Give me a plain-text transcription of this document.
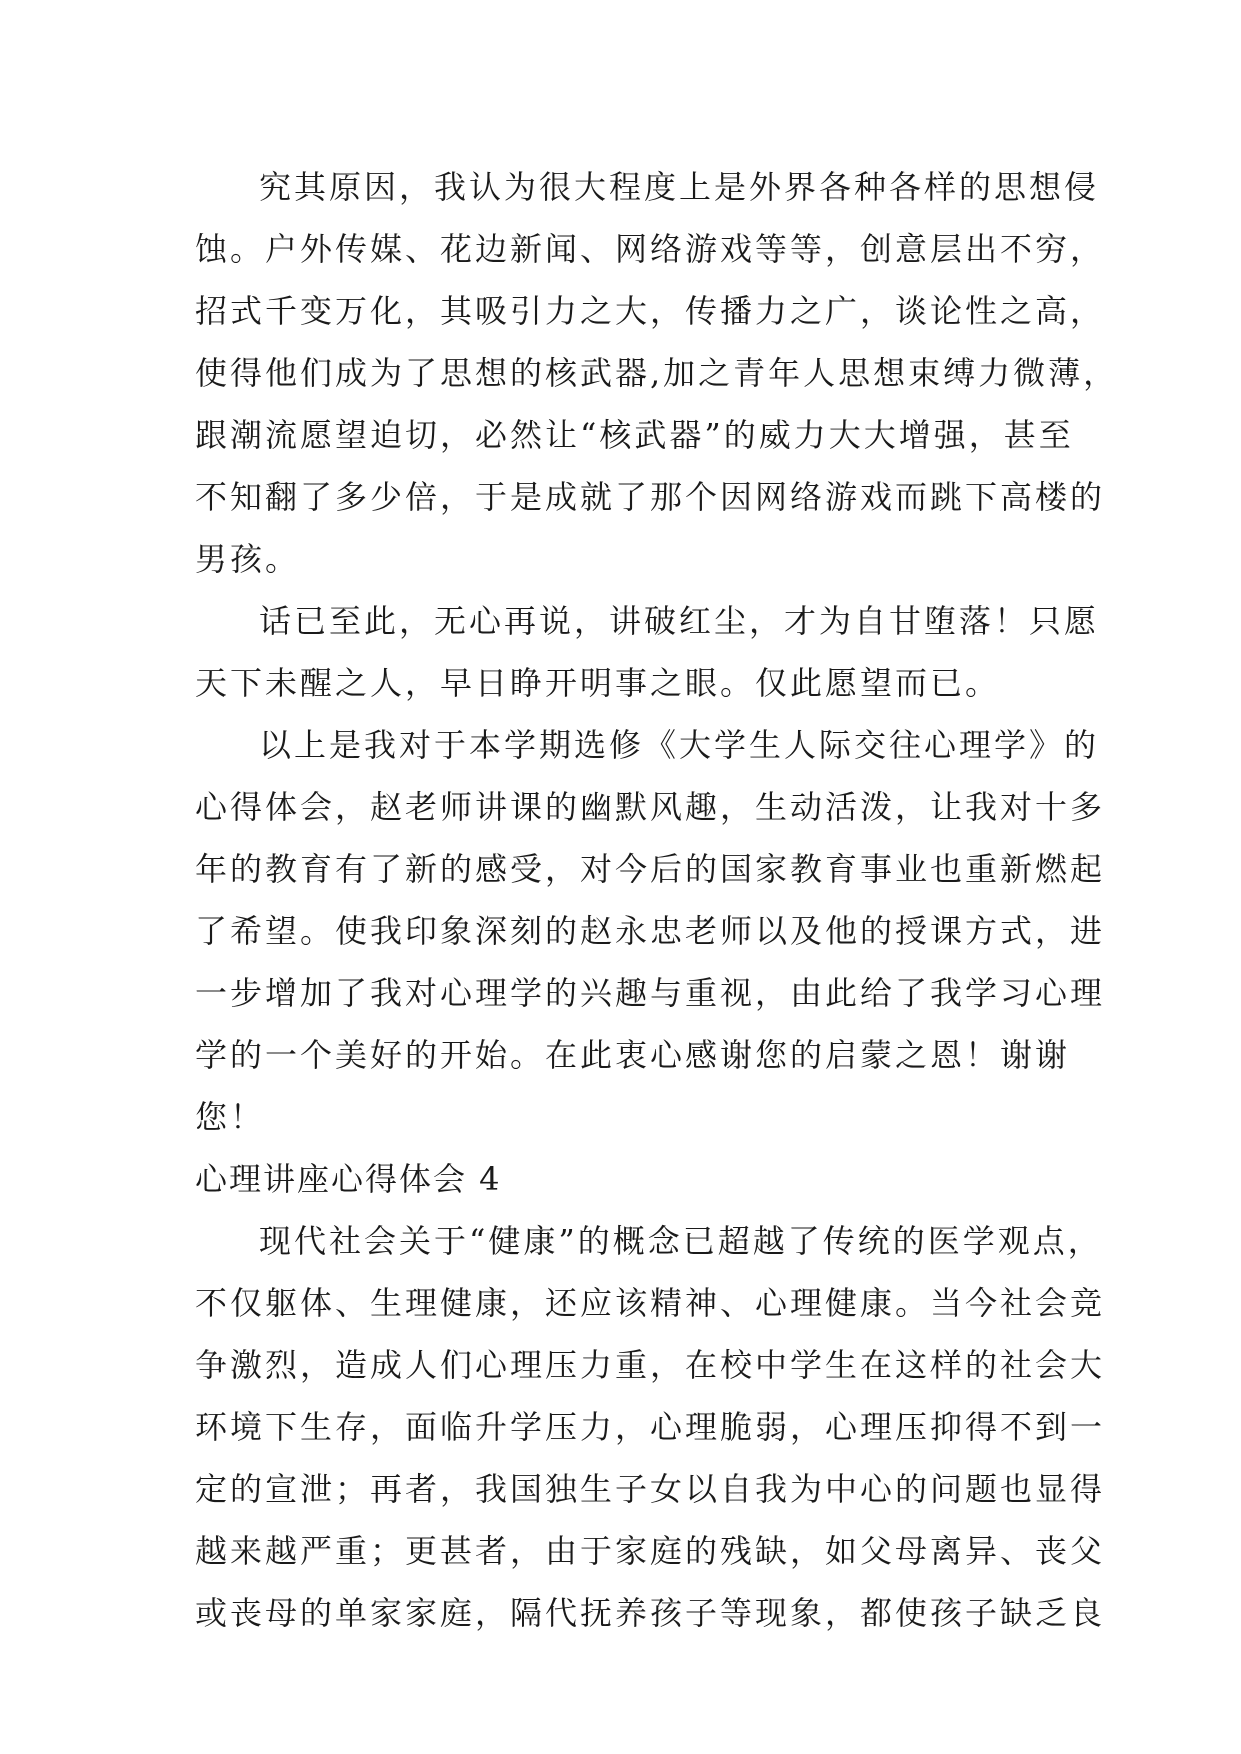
究其原因，我认为很大程度上是外界各种各样的思想侵
蚀。户外传媒、花边新闻、网络游戏等等，创意层出不穷，
招式千变万化，其吸引力之大，传播力之广，谈论性之高，
使得他们成为了思想的核武器,加之青年人思想束缚力微薄，
跟潮流愿望迫切，必然让“核武器”的威力大大增强，甚至
不知翻了多少倍，于是成就了那个因网络游戏而跳下高楼的
男孩。
话已至此，无心再说，讲破红尘，才为自甘堕落！只愿
天下未醒之人，早日睁开明事之眼。仅此愿望而已。
以上是我对于本学期选修《大学生人际交往心理学》的
心得体会，赵老师讲课的幽默风趣，生动活泼，让我对十多
年的教育有了新的感受，对今后的国家教育事业也重新燃起
了希望。使我印象深刻的赵永忠老师以及他的授课方式，进
一步增加了我对心理学的兴趣与重视，由此给了我学习心理
学的一个美好的开始。在此衷心感谢您的启蒙之恩！谢谢
您！
心理讲座心得体会 4
现代社会关于“健康”的概念已超越了传统的医学观点，
不仅躯体、生理健康，还应该精神、心理健康。当今社会竞
争激烈，造成人们心理压力重，在校中学生在这样的社会大
环境下生存，面临升学压力，心理脆弱，心理压抑得不到一
定的宣泄；再者，我国独生子女以自我为中心的问题也显得
越来越严重；更甚者，由于家庭的残缺，如父母离异、丧父
或丧母的单家家庭，隔代抚养孩子等现象，都使孩子缺乏良
